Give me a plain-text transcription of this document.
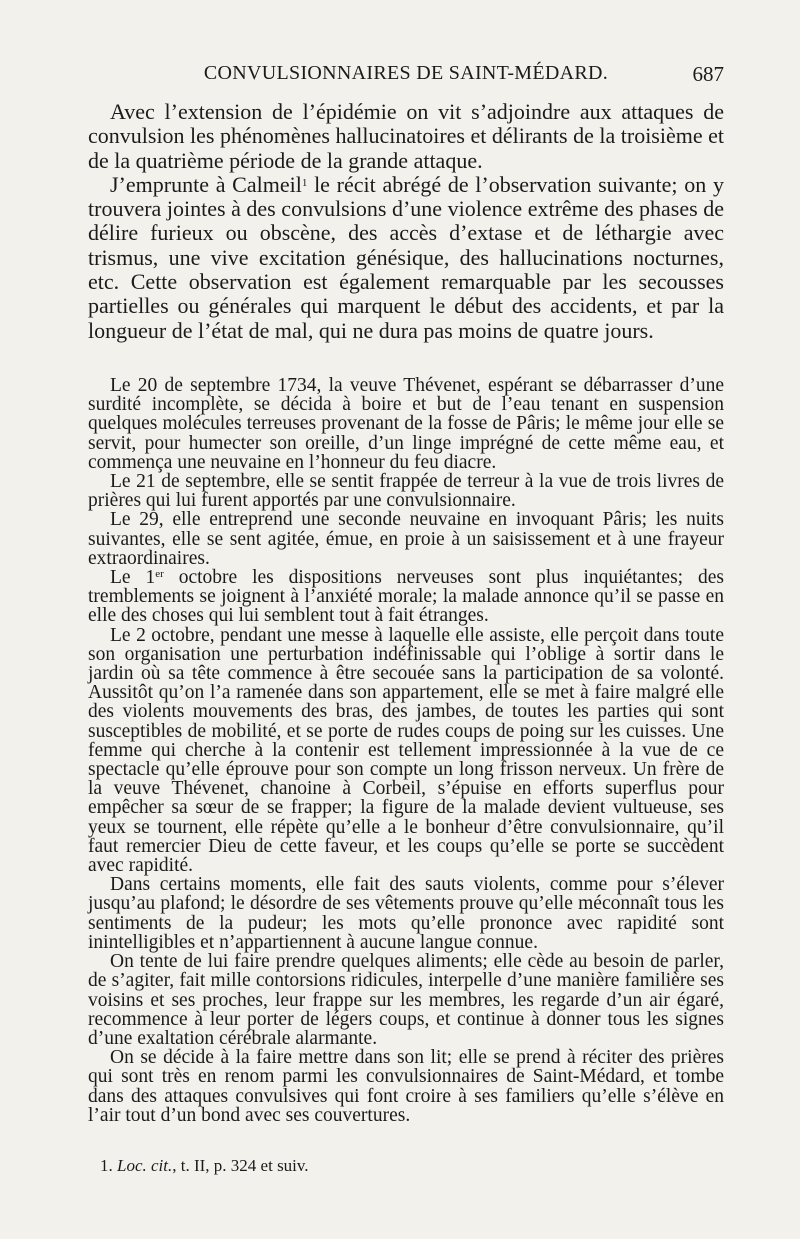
CONVULSIONNAIRES DE SAINT-MÉDARD.	687

Avec l’extension de l’épidémie on vit s’adjoindre aux attaques de convulsion les phénomènes hallucinatoires et délirants de la troisième et de la quatrième période de la grande attaque.

J’emprunte à Calmeil$^1$ le récit abrégé de l’observation suivante; on y trouvera jointes à des convulsions d’une violence extrême des phases de délire furieux ou obscène, des accès d’extase et de léthargie avec trismus, une vive excitation génésique, des hallucinations nocturnes, etc. Cette observation est également remarquable par les secousses partielles ou générales qui marquent le début des accidents, et par la longueur de l’état de mal, qui ne dura pas moins de quatre jours.

Le 20 de septembre 1734, la veuve Thévenet, espérant se débarrasser d’une surdité incomplète, se décida à boire et but de l’eau tenant en suspension quelques molécules terreuses provenant de la fosse de Pâris; le même jour elle se servit, pour humecter son oreille, d’un linge imprégné de cette même eau, et commença une neuvaine en l’honneur du feu diacre.

Le 21 de septembre, elle se sentit frappée de terreur à la vue de trois livres de prières qui lui furent apportés par une convulsionnaire.

Le 29, elle entreprend une seconde neuvaine en invoquant Pâris; les nuits suivantes, elle se sent agitée, émue, en proie à un saisissement et à une frayeur extraordinaires.

Le 1er octobre les dispositions nerveuses sont plus inquiétantes; des tremblements se joignent à l’anxiété morale; la malade annonce qu’il se passe en elle des choses qui lui semblent tout à fait étranges.

Le 2 octobre, pendant une messe à laquelle elle assiste, elle perçoit dans toute son organisation une perturbation indéfinissable qui l’oblige à sortir dans le jardin où sa tête commence à être secouée sans la participation de sa volonté. Aussitôt qu’on l’a ramenée dans son appartement, elle se met à faire malgré elle des violents mouvements des bras, des jambes, de toutes les parties qui sont susceptibles de mobilité, et se porte de rudes coups de poing sur les cuisses. Une femme qui cherche à la contenir est tellement impressionnée à la vue de ce spectacle qu’elle éprouve pour son compte un long frisson nerveux. Un frère de la veuve Thévenet, chanoine à Corbeil, s’épuise en efforts superflus pour empêcher sa sœur de se frapper; la figure de la malade devient vultueuse, ses yeux se tournent, elle répète qu’elle a le bonheur d’être convulsionnaire, qu’il faut remercier Dieu de cette faveur, et les coups qu’elle se porte se succèdent avec rapidité.

Dans certains moments, elle fait des sauts violents, comme pour s’élever jusqu’au plafond; le désordre de ses vêtements prouve qu’elle méconnaît tous les sentiments de la pudeur; les mots qu’elle prononce avec rapidité sont inintelligibles et n’appartiennent à aucune langue connue.

On tente de lui faire prendre quelques aliments; elle cède au besoin de parler, de s’agiter, fait mille contorsions ridicules, interpelle d’une manière familière ses voisins et ses proches, leur frappe sur les membres, les regarde d’un air égaré, recommence à leur porter de légers coups, et continue à donner tous les signes d’une exaltation cérébrale alarmante.

On se décide à la faire mettre dans son lit; elle se prend à réciter des prières qui sont très en renom parmi les convulsionnaires de Saint-Médard, et tombe dans des attaques convulsives qui font croire à ses familiers qu’elle s’élève en l’air tout d’un bond avec ses couvertures.

1. Loc. cit., t. II, p. 324 et suiv.
